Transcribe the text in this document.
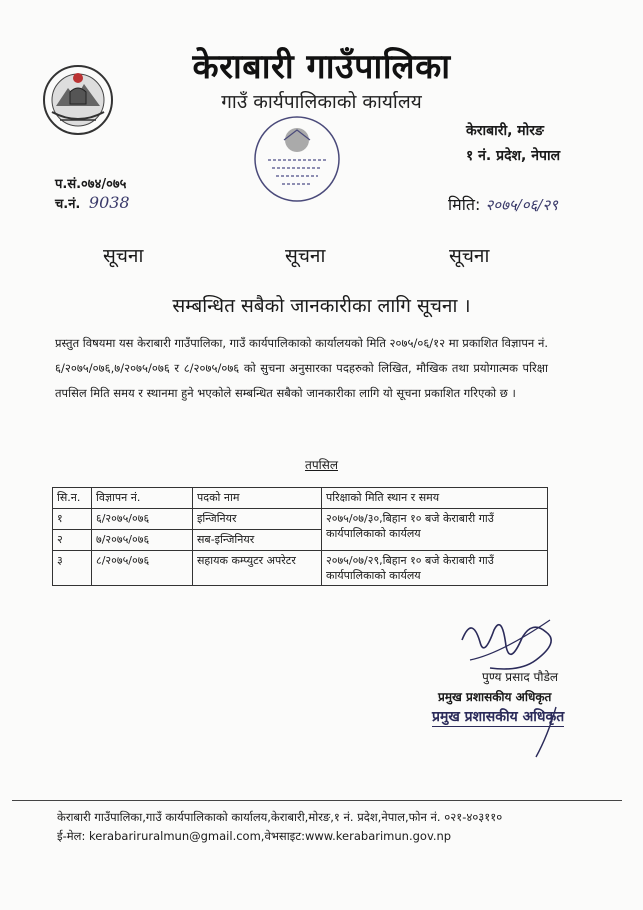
केराबारी गाउँपालिका
गाउँ कार्यपालिकाको कार्यालय
केराबारी, मोरङ
१ नं. प्रदेश, नेपाल
प.सं.०७४/०७५
च.नं. 9038	मिति: २०७५/०६/२९
सूचना	सूचना	सूचना
सम्बन्धित सबैको जानकारीका लागि सूचना ।
प्रस्तुत विषयमा यस केराबारी गाउँपालिका, गाउँ कार्यपालिकाको कार्यालयको मिति २०७५/०६/१२ मा प्रकाशित विज्ञापन नं. ६/२०७५/०७६,७/२०७५/०७६ र ८/२०७५/०७६ को सुचना अनुसारका पदहरुको लिखित, मौखिक तथा प्रयोगात्मक परिक्षा तपसिल मिति समय र स्थानमा हुने भएकोले सम्बन्धित सबैको जानकारीका लागि यो सूचना प्रकाशित गरिएको छ ।
तपसिल
सि.न.	विज्ञापन नं.	पदको नाम	परिक्षाको मिति स्थान र समय
१	६/२०७५/०७६	इन्जिनियर	२०७५/०७/३०,बिहान १० बजे केराबारी गाउँ कार्यपालिकाको कार्यलय
२	७/२०७५/०७६	सब-इन्जिनियर	
३	८/२०७५/०७६	सहायक कम्प्युटर अपरेटर	२०७५/०७/२९,बिहान १० बजे केराबारी गाउँ कार्यपालिकाको कार्यलय
पुण्य प्रसाद पौडेल
प्रमुख प्रशासकीय अधिकृत
प्रमुख प्रशासकीय अधिकृत
केराबारी गाउँपालिका,गाउँ कार्यपालिकाको कार्यालय,केराबारी,मोरङ,१ नं. प्रदेश,नेपाल,फोन नं. ०२१-४०३११०
ई-मेल: kerabariruralmun@gmail.com,वेभसाइट:www.kerabarimun.gov.np
